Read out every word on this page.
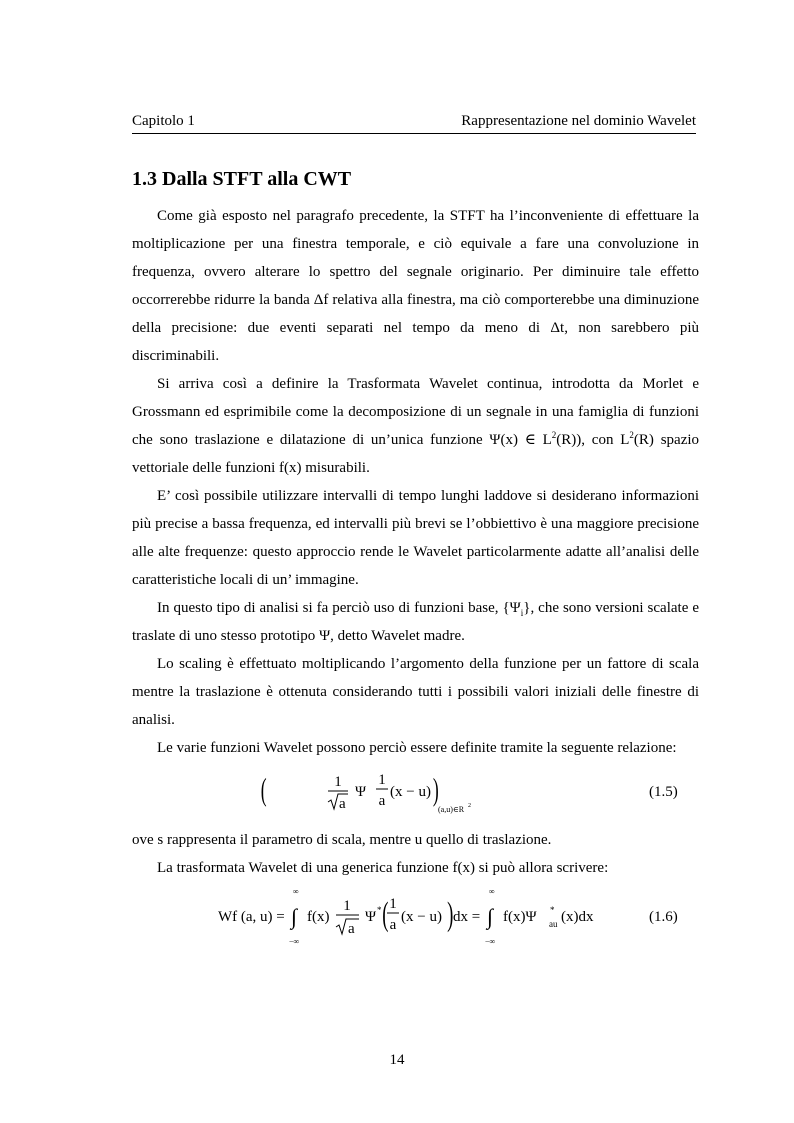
Capitolo 1	Rappresentazione nel dominio Wavelet
1.3 Dalla STFT alla CWT

Come già esposto nel paragrafo precedente, la STFT ha l’inconveniente di effettuare la moltiplicazione per una finestra temporale, e ciò equivale a fare una convoluzione in frequenza, ovvero alterare lo spettro del segnale originario. Per diminuire tale effetto occorrerebbe ridurre la banda Δf relativa alla finestra, ma ciò comporterebbe una diminuzione della precisione: due eventi separati nel tempo da meno di Δt, non sarebbero più discriminabili.

Si arriva così a definire la Trasformata Wavelet continua, introdotta da Morlet e Grossmann ed esprimibile come la decomposizione di un segnale in una famiglia di funzioni che sono traslazione e dilatazione di un’unica funzione Ψ(x) ∈ $L^2(R)$), con $L^2(R)$ spazio vettoriale delle funzioni f(x) misurabili.

E’ così possibile utilizzare intervalli di tempo lunghi laddove si desiderano informazioni più precise a bassa frequenza, ed intervalli più brevi se l’obbiettivo è una maggiore precisione alle alte frequenze: questo approccio rende le Wavelet particolarmente adatte all’analisi delle caratteristiche locali di un’ immagine.

In questo tipo di analisi si fa perciò uso di funzioni base, $\{\Psi_i\}$, che sono versioni scalate e traslate di uno stesso prototipo Ψ, detto Wavelet madre.

Lo scaling è effettuato moltiplicando l’argomento della funzione per un fattore di scala mentre la traslazione è ottenuta considerando tutti i possibili valori iniziali delle finestre di analisi.

Le varie funzioni Wavelet possono perciò essere definite tramite la seguente relazione:

1
a
Ψ
(	1
a
(x − u) )
(a,u)∈R 2
(1.5)

ove s rappresenta il parametro di scala, mentre u quello di traslazione.

La trasformata Wavelet di una generica funzione f(x) si può allora scrivere:

Wf (a, u) =
∞
∫
−∞
f(x)
1
a
Ψ * ( 1
a (x − u) ) dx =
∞
∫
−∞
f(x)Ψ *
au (x)dx	(1.6)
14
